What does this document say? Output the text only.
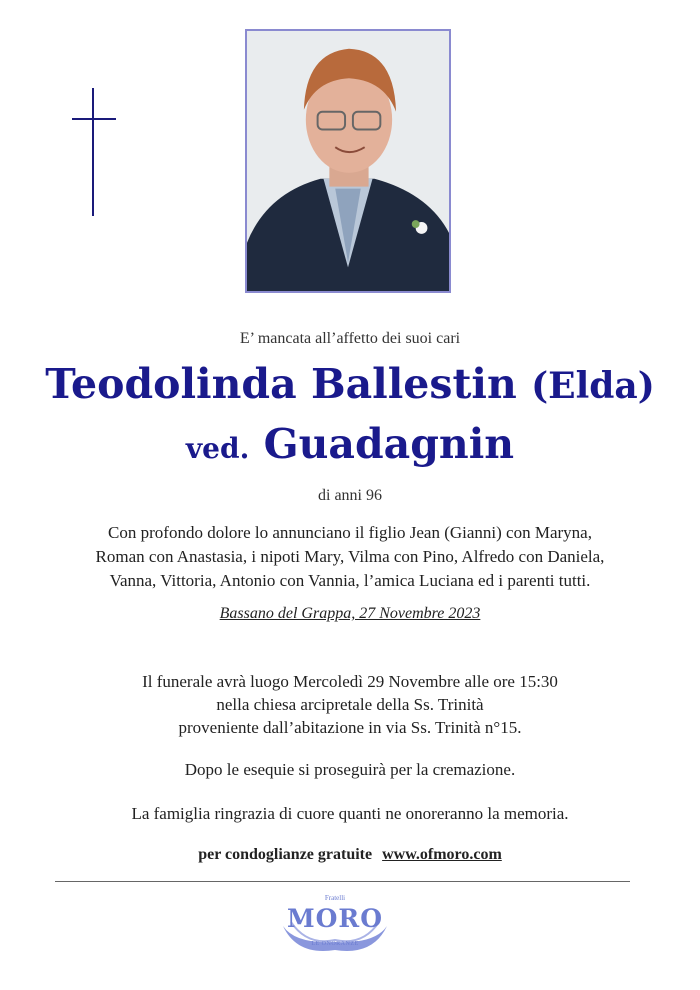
E’ mancata all’affetto dei suoi cari
Teodolinda Ballestin (Elda)
ved. Guadagnin
di anni 96
Con profondo dolore lo annunciano il figlio Jean (Gianni) con Maryna,
Roman con Anastasia, i nipoti Mary, Vilma con Pino, Alfredo con Daniela,
Vanna, Vittoria, Antonio con Vannia, l’amica Luciana ed i parenti tutti.
Bassano del Grappa, 27 Novembre 2023
Il funerale avrà luogo Mercoledì 29 Novembre alle ore 15:30
nella chiesa arcipretale della Ss. Trinità
proveniente dall’abitazione in via Ss. Trinità n°15.
Dopo le esequie si proseguirà per la cremazione.
La famiglia ringrazia di cuore quanti ne onoreranno la memoria.
per condoglianze gratuite www.ofmoro.com
Fratelli
MORO
LE ONORANZE
